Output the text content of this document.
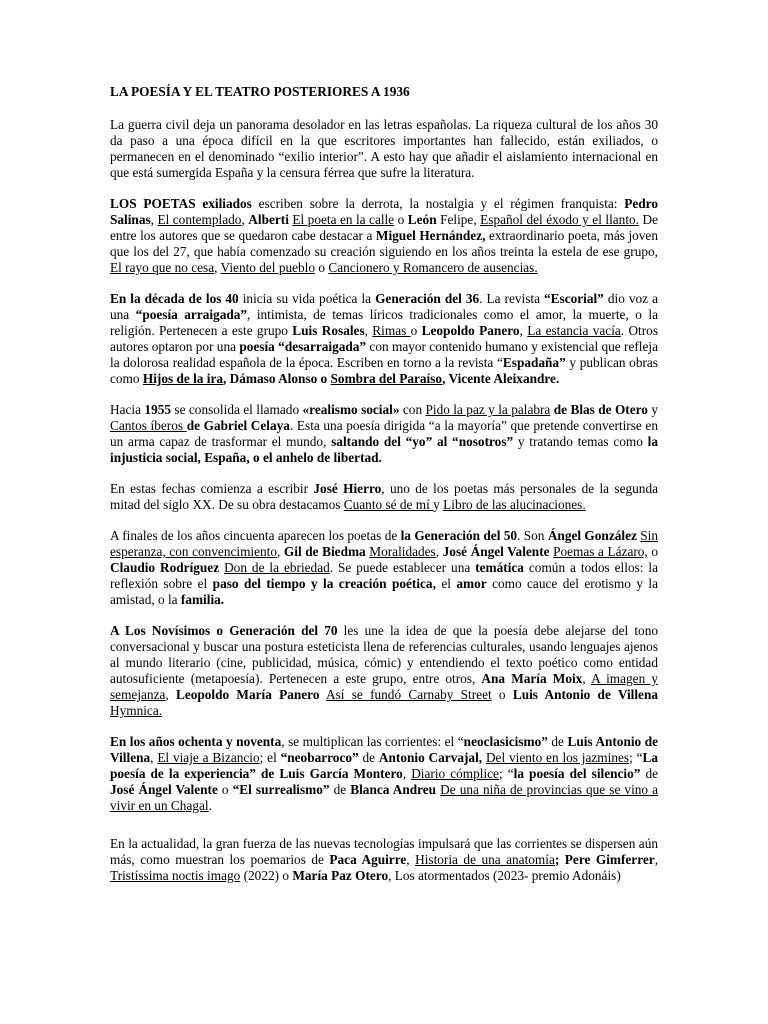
LA POESÍA Y EL TEATRO POSTERIORES A 1936

La guerra civil deja un panorama desolador en las letras españolas. La riqueza cultural de los años 30 da paso a una época difícil en la que escritores importantes han fallecido, están exiliados, o permanecen en el denominado “exilio interior”. A esto hay que añadir el aislamiento internacional en que está sumergida España y la censura férrea que sufre la literatura.

LOS POETAS exiliados escriben sobre la derrota, la nostalgia y el régimen franquista: Pedro Salinas, El contemplado, Alberti El poeta en la calle o León Felipe, Español del éxodo y el llanto. De entre los autores que se quedaron cabe destacar a Miguel Hernández, extraordinario poeta, más joven que los del 27, que había comenzado su creación siguiendo en los años treinta la estela de ese grupo, El rayo que no cesa, Viento del pueblo o Cancionero y Romancero de ausencias.

En la década de los 40 inicia su vida poética la Generación del 36. La revista “Escorial” dio voz a una “poesía arraigada”, intimista, de temas líricos tradicionales como el amor, la muerte, o la religión. Pertenecen a este grupo Luis Rosales, Rimas o Leopoldo Panero, La estancia vacía. Otros autores optaron por una poesía “desarraigada” con mayor contenido humano y existencial que refleja la dolorosa realidad española de la época. Escriben en torno a la revista “Espadaña” y publican obras como Hijos de la ira, Dámaso Alonso o Sombra del Paraíso, Vicente Aleixandre.

Hacia 1955 se consolida el llamado «realismo social» con Pido la paz y la palabra de Blas de Otero y Cantos íberos de Gabriel Celaya. Esta una poesía dirigida “a la mayoría” que pretende convertirse en un arma capaz de trasformar el mundo, saltando del “yo” al “nosotros” y tratando temas como la injusticia social, España, o el anhelo de libertad.

En estas fechas comienza a escribir José Hierro, uno de los poetas más personales de la segunda mitad del siglo XX. De su obra destacamos Cuanto sé de mí y Libro de las alucinaciones.

A finales de los años cincuenta aparecen los poetas de la Generación del 50. Son Ángel González Sin esperanza, con convencimiento, Gil de Biedma Moralidades, José Ángel Valente Poemas a Lázaro, o Claudio Rodríguez Don de la ebriedad. Se puede establecer una temática común a todos ellos: la reflexión sobre el paso del tiempo y la creación poética, el amor como cauce del erotismo y la amistad, o la familia.

A Los Novísimos o Generación del 70 les une la idea de que la poesía debe alejarse del tono conversacional y buscar una postura esteticista llena de referencias culturales, usando lenguajes ajenos al mundo literario (cine, publicidad, música, cómic) y entendiendo el texto poético como entidad autosuficiente (metapoesía). Pertenecen a este grupo, entre otros, Ana María Moix, A imagen y semejanza, Leopoldo María Panero Así se fundó Carnaby Street o Luis Antonio de Villena Hymnica.

En los años ochenta y noventa, se multiplican las corrientes: el “neoclasicismo” de Luis Antonio de Villena, El viaje a Bizancio; el “neobarroco” de Antonio Carvajal, Del viento en los jazmines; “La poesía de la experiencia” de Luis García Montero, Diario cómplice; “la poesía del silencio” de José Ángel Valente o “El surrealismo” de Blanca Andreu De una niña de provincias que se vino a vivir en un Chagal.

En la actualidad, la gran fuerza de las nuevas tecnologías impulsará que las corrientes se dispersen aún más, como muestran los poemarios de Paca Aguirre, Historia de una anatomía; Pere Gimferrer, Tristíssima noctis imago (2022) o María Paz Otero, Los atormentados (2023- premio Adonáis)
